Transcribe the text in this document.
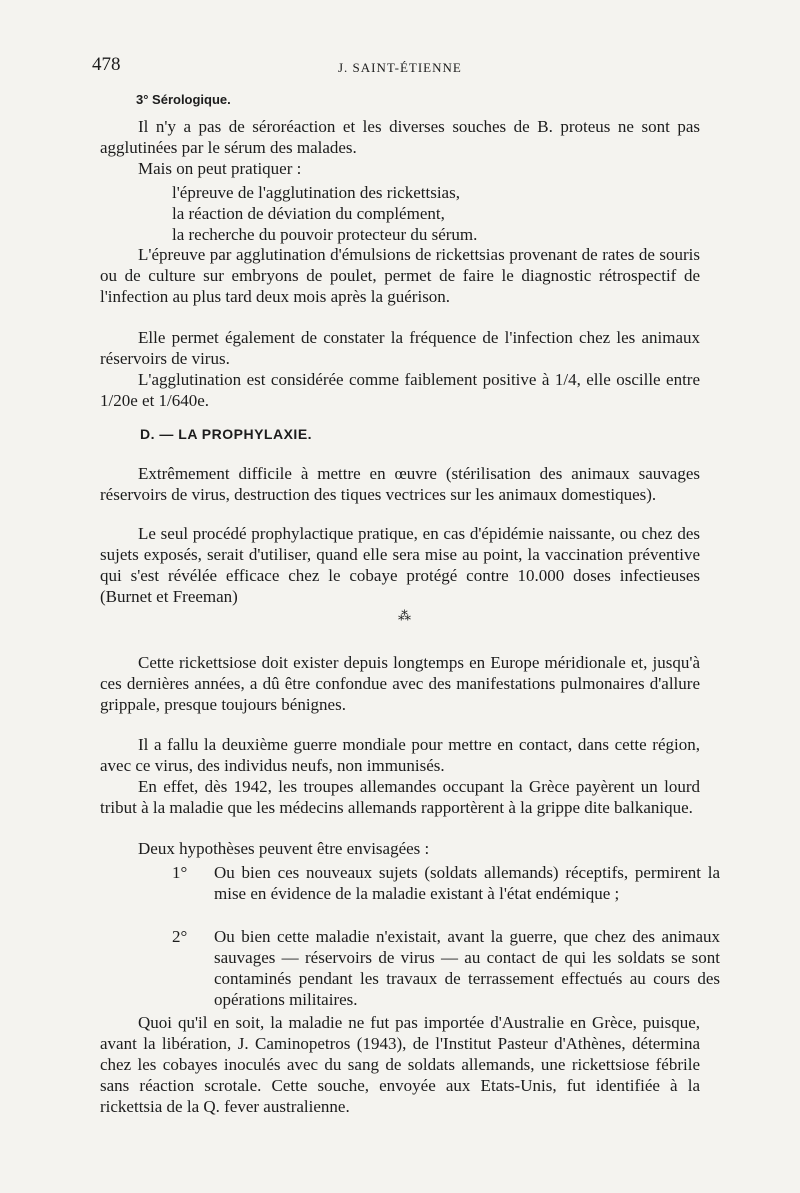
478	J. SAINT-ÉTIENNE
3° Sérologique.
Il n'y a pas de séroréaction et les diverses souches de B. proteus ne sont pas agglutinées par le sérum des malades.
Mais on peut pratiquer :
l'épreuve de l'agglutination des rickettsias,
la réaction de déviation du complément,
la recherche du pouvoir protecteur du sérum.
L'épreuve par agglutination d'émulsions de rickettsias provenant de rates de souris ou de culture sur embryons de poulet, permet de faire le diagnostic rétrospectif de l'infection au plus tard deux mois après la guérison.
Elle permet également de constater la fréquence de l'infection chez les animaux réservoirs de virus.
L'agglutination est considérée comme faiblement positive à 1/4, elle oscille entre 1/20e et 1/640e.
D. — LA PROPHYLAXIE.
Extrêmement difficile à mettre en œuvre (stérilisation des animaux sauvages réservoirs de virus, destruction des tiques vectrices sur les animaux domestiques).
Le seul procédé prophylactique pratique, en cas d'épidémie naissante, ou chez des sujets exposés, serait d'utiliser, quand elle sera mise au point, la vaccination préventive qui s'est révélée efficace chez le cobaye protégé contre 10.000 doses infectieuses (Burnet et Freeman)
⁂
Cette rickettsiose doit exister depuis longtemps en Europe méridionale et, jusqu'à ces dernières années, a dû être confondue avec des manifestations pulmonaires d'allure grippale, presque toujours bénignes.
Il a fallu la deuxième guerre mondiale pour mettre en contact, dans cette région, avec ce virus, des individus neufs, non immunisés.
En effet, dès 1942, les troupes allemandes occupant la Grèce payèrent un lourd tribut à la maladie que les médecins allemands rapportèrent à la grippe dite balkanique.
Deux hypothèses peuvent être envisagées :
1° Ou bien ces nouveaux sujets (soldats allemands) réceptifs, permirent la mise en évidence de la maladie existant à l'état endémique ;
2° Ou bien cette maladie n'existait, avant la guerre, que chez des animaux sauvages — réservoirs de virus — au contact de qui les soldats se sont contaminés pendant les travaux de terrassement effectués au cours des opérations militaires.
Quoi qu'il en soit, la maladie ne fut pas importée d'Australie en Grèce, puisque, avant la libération, J. Caminopetros (1943), de l'Institut Pasteur d'Athènes, détermina chez les cobayes inoculés avec du sang de soldats allemands, une rickettsiose fébrile sans réaction scrotale. Cette souche, envoyée aux Etats-Unis, fut identifiée à la rickettsia de la Q. fever australienne.
